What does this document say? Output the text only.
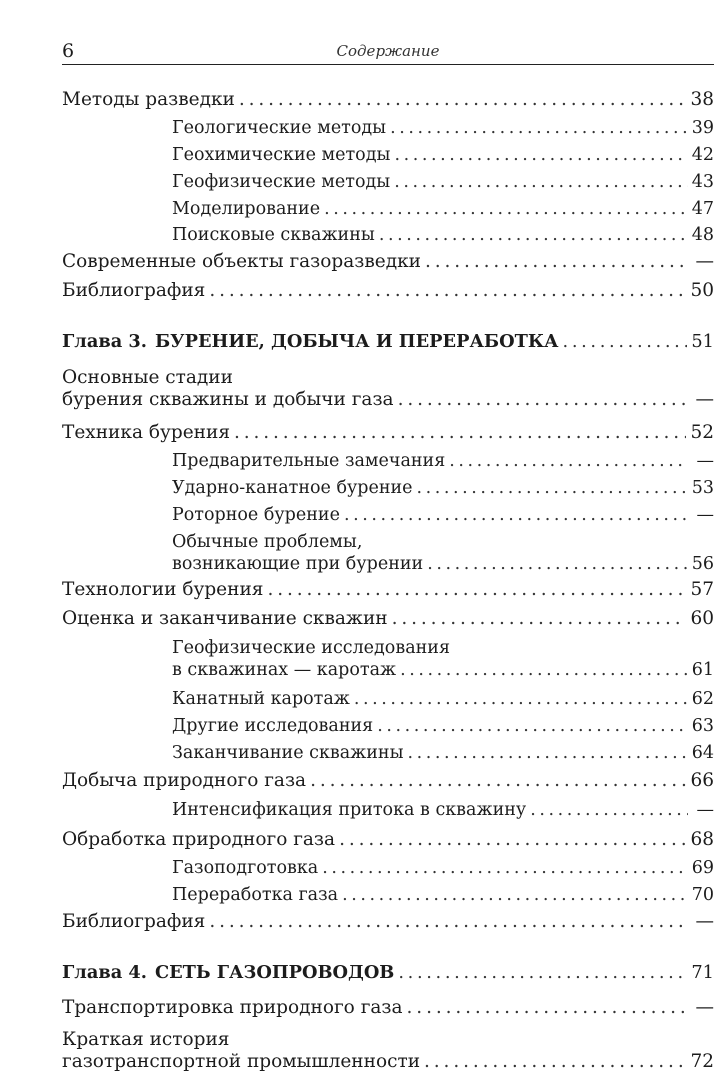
6	Содержание
Методы разведки . . .	38
Геологические методы . . .	39
Геохимические методы . . .	42
Геофизические методы . . .	43
Моделирование . . .	47
Поисковые скважины . . .	48
Современные объекты газоразведки . . .	—
Библиография . . .	50
Глава 3. БУРЕНИЕ, ДОБЫЧА И ПЕРЕРАБОТКА . . .	51
Основные стадии
бурения скважины и добычи газа . . .	—
Техника бурения . . .	52
Предварительные замечания . . .	—
Ударно-канатное бурение . . .	53
Роторное бурение . . .	—
Обычные проблемы,
возникающие при бурении . . .	56
Технологии бурения . . .	57
Оценка и заканчивание скважин . . .	60
Геофизические исследования
в скважинах — каротаж . . .	61
Канатный каротаж . . .	62
Другие исследования . . .	63
Заканчивание скважины . . .	64
Добыча природного газа . . .	66
Интенсификация притока в скважину . . .	—
Обработка природного газа . . .	68
Газоподготовка . . .	69
Переработка газа . . .	70
Библиография . . .	—
Глава 4. СЕТЬ ГАЗОПРОВОДОВ . . .	71
Транспортировка природного газа . . .	—
Краткая история
газотранспортной промышленности . . .	72
